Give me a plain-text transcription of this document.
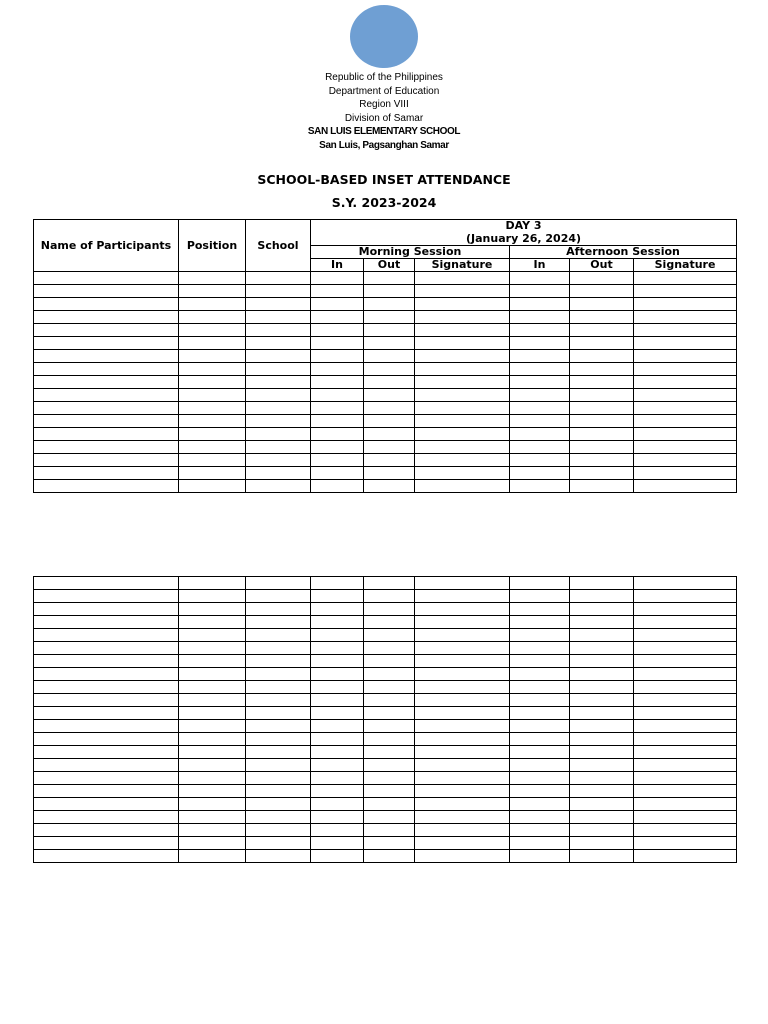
Republic of the Philippines
Department of Education
Region VIII
Division of Samar
SAN LUIS ELEMENTARY SCHOOL
San Luis, Pagsanghan Samar
SCHOOL-BASED INSET ATTENDANCE
S.Y. 2023-2024
Name of Participants	Position	School	DAY 3
(January 26, 2024)					

			Morning Session			Afternoon Session		
			In	Out	Signature	In	Out	Signature
